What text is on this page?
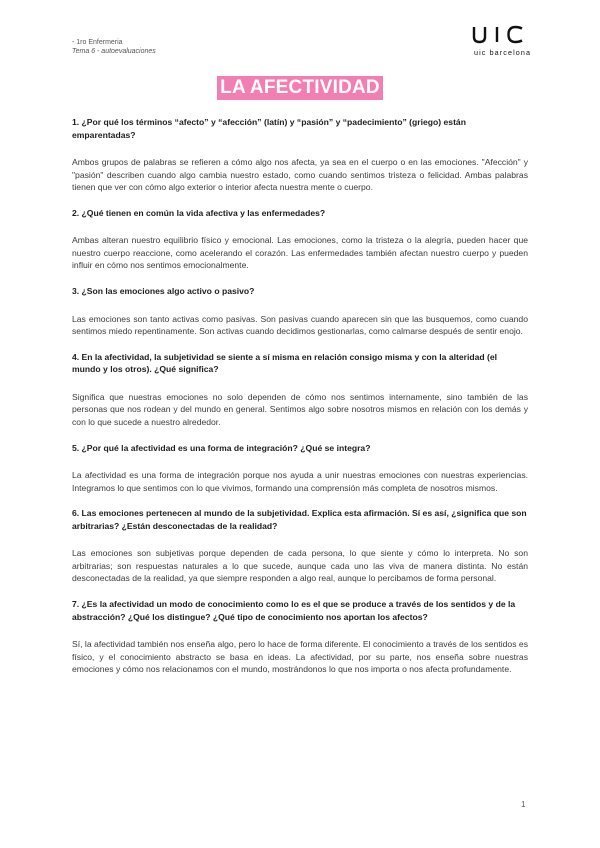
- 1ro Enfermeria
Tema 6 - autoevaluaciones	uic barcelona
LA AFECTIVIDAD

1. ¿Por qué los términos “afecto” y “afección” (latín) y “pasión” y “padecimiento” (griego) están emparentadas?

Ambos grupos de palabras se refieren a cómo algo nos afecta, ya sea en el cuerpo o en las emociones. "Afección" y "pasión" describen cuando algo cambia nuestro estado, como cuando sentimos tristeza o felicidad. Ambas palabras tienen que ver con cómo algo exterior o interior afecta nuestra mente o cuerpo.

2. ¿Qué tienen en común la vida afectiva y las enfermedades?

Ambas alteran nuestro equilibrio físico y emocional. Las emociones, como la tristeza o la alegría, pueden hacer que nuestro cuerpo reaccione, como acelerando el corazón. Las enfermedades también afectan nuestro cuerpo y pueden influir en cómo nos sentimos emocionalmente.

3. ¿Son las emociones algo activo o pasivo?

Las emociones son tanto activas como pasivas. Son pasivas cuando aparecen sin que las busquemos, como cuando sentimos miedo repentinamente. Son activas cuando decidimos gestionarlas, como calmarse después de sentir enojo.

4. En la afectividad, la subjetividad se siente a sí misma en relación consigo misma y con la alteridad (el mundo y los otros). ¿Qué significa?

Significa que nuestras emociones no solo dependen de cómo nos sentimos internamente, sino también de las personas que nos rodean y del mundo en general. Sentimos algo sobre nosotros mismos en relación con los demás y con lo que sucede a nuestro alrededor.

5. ¿Por qué la afectividad es una forma de integración? ¿Qué se integra?

La afectividad es una forma de integración porque nos ayuda a unir nuestras emociones con nuestras experiencias. Integramos lo que sentimos con lo que vivimos, formando una comprensión más completa de nosotros mismos.

6. Las emociones pertenecen al mundo de la subjetividad. Explica esta afirmación. Sí es así, ¿significa que son arbitrarias? ¿Están desconectadas de la realidad?

Las emociones son subjetivas porque dependen de cada persona, lo que siente y cómo lo interpreta. No son arbitrarias; son respuestas naturales a lo que sucede, aunque cada uno las viva de manera distinta. No están desconectadas de la realidad, ya que siempre responden a algo real, aunque lo percibamos de forma personal.

7. ¿Es la afectividad un modo de conocimiento como lo es el que se produce a través de los sentidos y de la abstracción? ¿Qué los distingue? ¿Qué tipo de conocimiento nos aportan los afectos?

Sí, la afectividad también nos enseña algo, pero lo hace de forma diferente. El conocimiento a través de los sentidos es físico, y el conocimiento abstracto se basa en ideas. La afectividad, por su parte, nos enseña sobre nuestras emociones y cómo nos relacionamos con el mundo, mostrándonos lo que nos importa o nos afecta profundamente.

1
